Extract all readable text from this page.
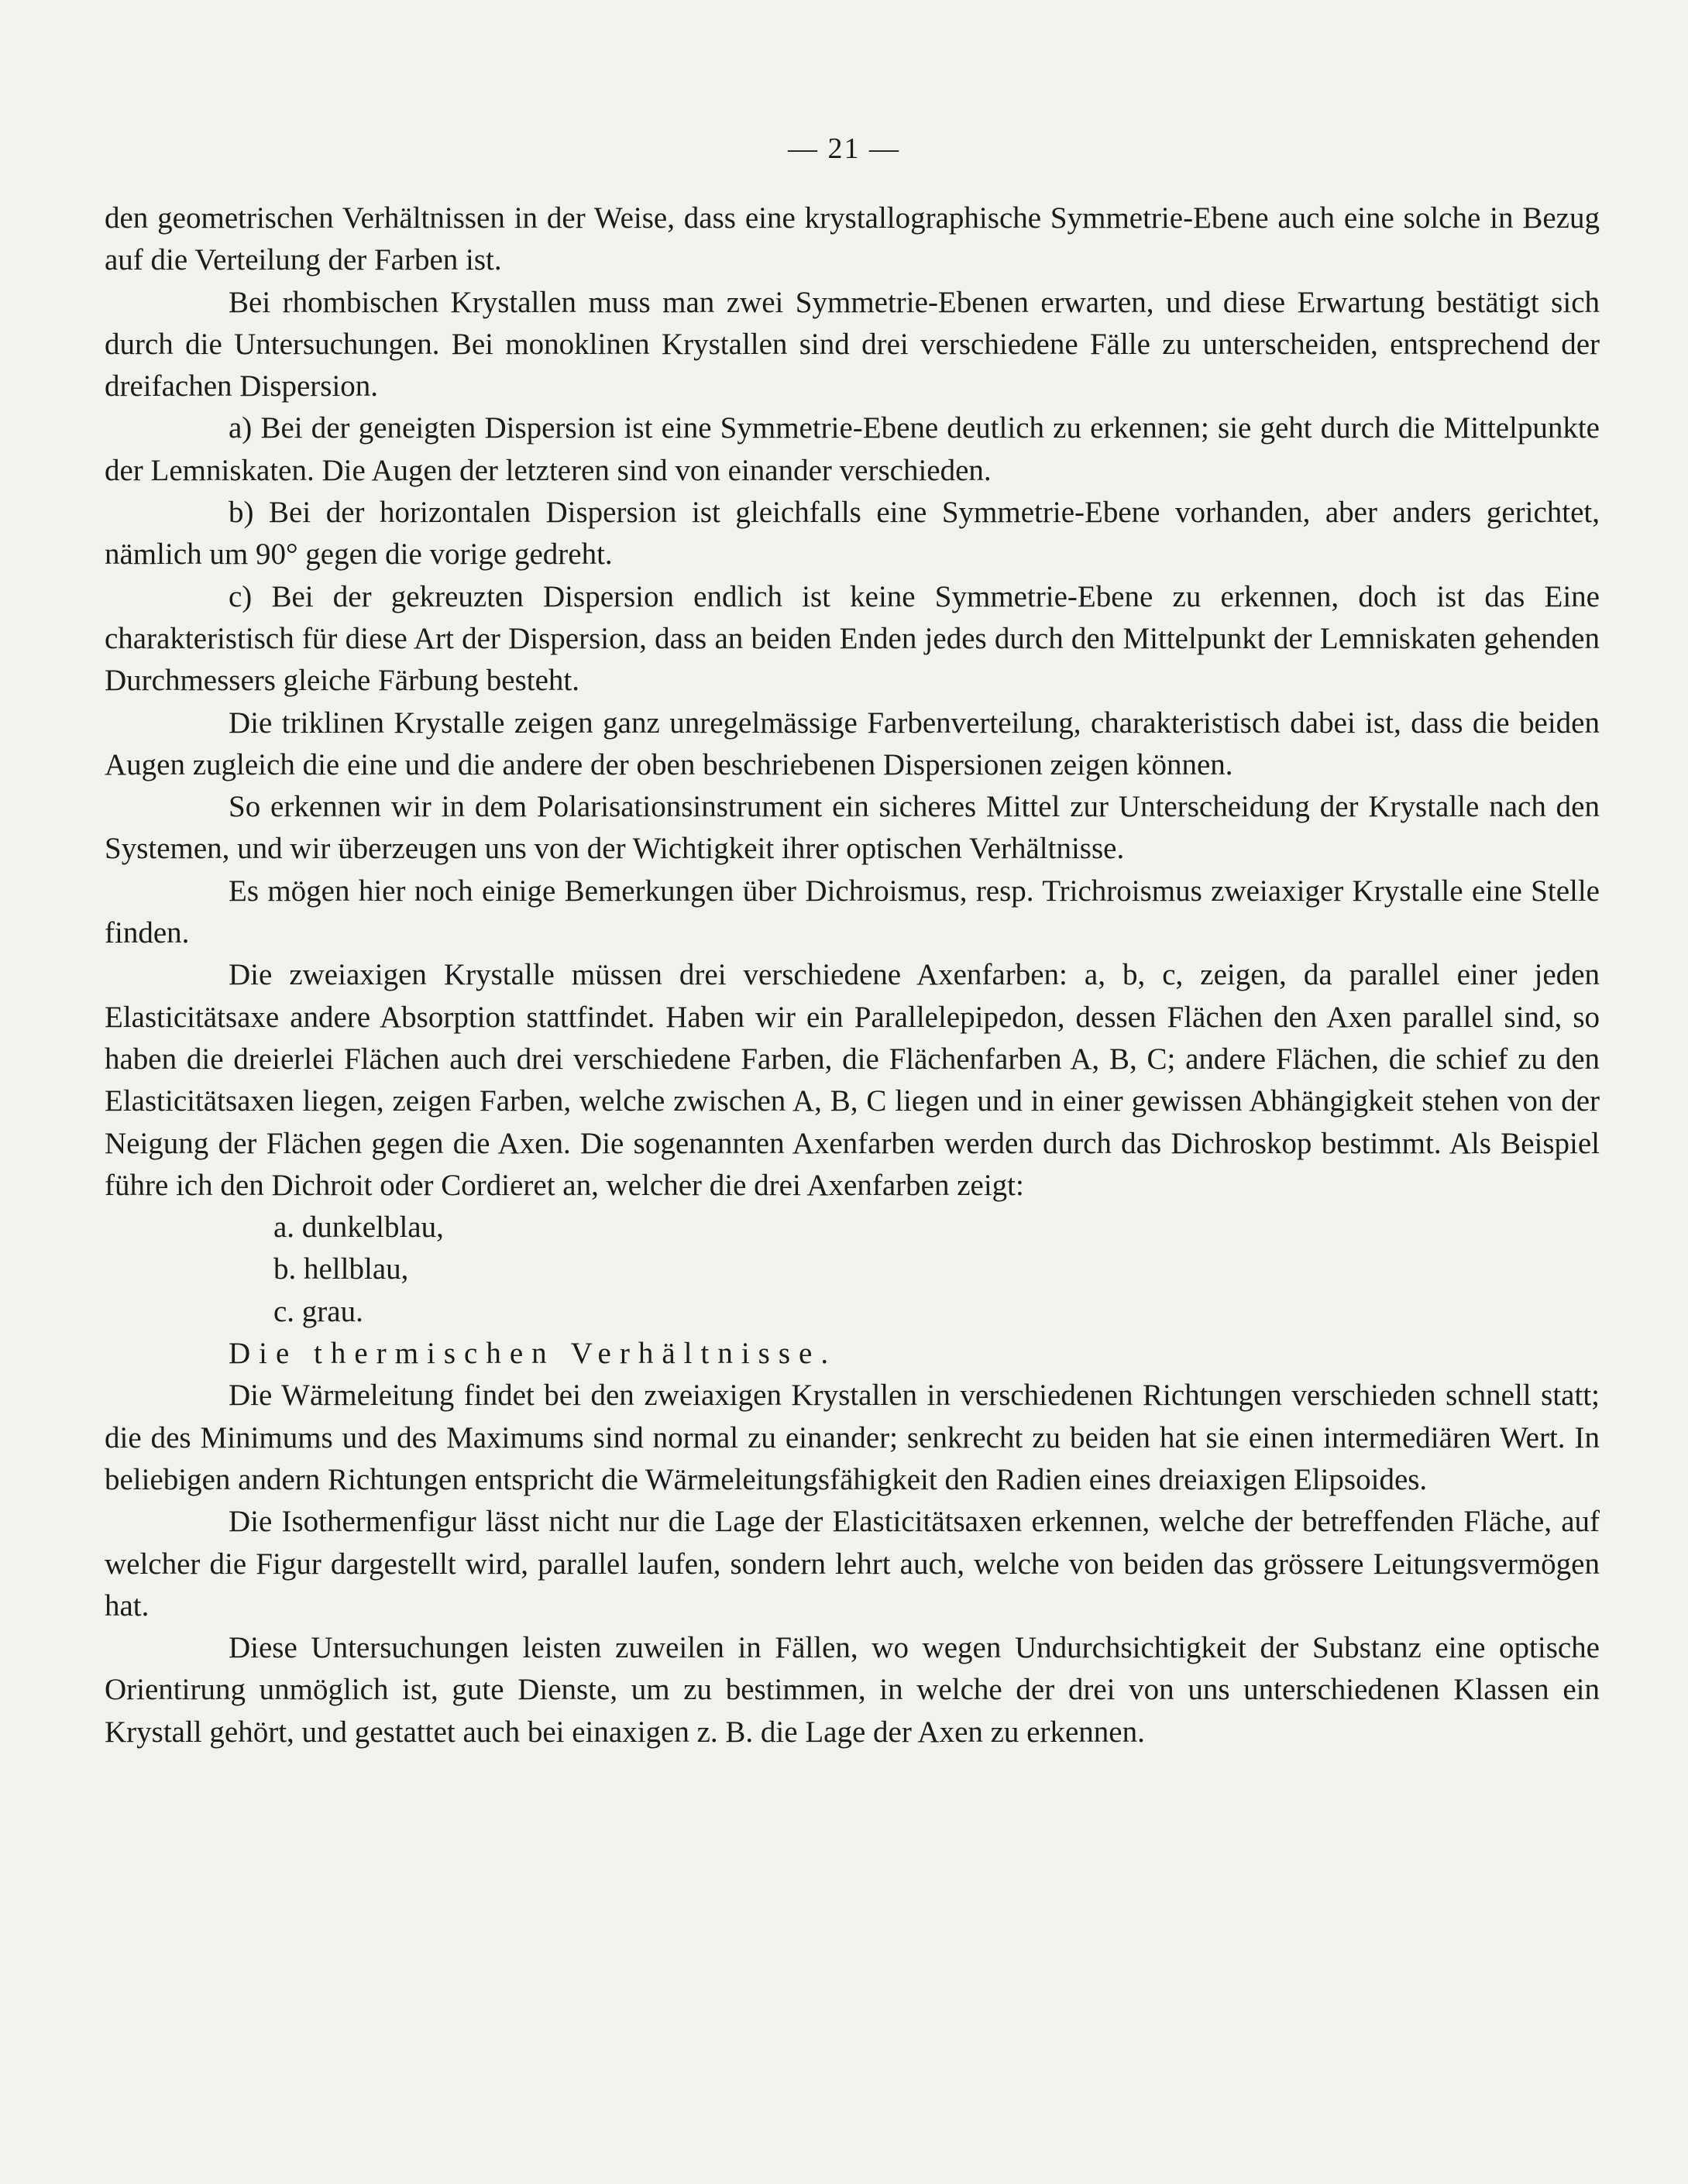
— 21 —

den geometrischen Verhältnissen in der Weise, dass eine krystallographische Symmetrie-Ebene auch eine solche in Bezug auf die Verteilung der Farben ist.

Bei rhombischen Krystallen muss man zwei Symmetrie-Ebenen erwarten, und diese Erwartung bestätigt sich durch die Untersuchungen. Bei monoklinen Krystallen sind drei verschiedene Fälle zu unterscheiden, entsprechend der dreifachen Dispersion.

a) Bei der geneigten Dispersion ist eine Symmetrie-Ebene deutlich zu erkennen; sie geht durch die Mittelpunkte der Lemniskaten. Die Augen der letzteren sind von einander verschieden.

b) Bei der horizontalen Dispersion ist gleichfalls eine Symmetrie-Ebene vorhanden, aber anders gerichtet, nämlich um 90° gegen die vorige gedreht.

c) Bei der gekreuzten Dispersion endlich ist keine Symmetrie-Ebene zu erkennen, doch ist das Eine charakteristisch für diese Art der Dispersion, dass an beiden Enden jedes durch den Mittelpunkt der Lemniskaten gehenden Durchmessers gleiche Färbung besteht.

Die triklinen Krystalle zeigen ganz unregelmässige Farbenverteilung, charakteristisch dabei ist, dass die beiden Augen zugleich die eine und die andere der oben beschriebenen Dispersionen zeigen können.

So erkennen wir in dem Polarisationsinstrument ein sicheres Mittel zur Unterscheidung der Krystalle nach den Systemen, und wir überzeugen uns von der Wichtigkeit ihrer optischen Verhältnisse.

Es mögen hier noch einige Bemerkungen über Dichroismus, resp. Trichroismus zweiaxiger Krystalle eine Stelle finden.

Die zweiaxigen Krystalle müssen drei verschiedene Axenfarben: a, b, c, zeigen, da parallel einer jeden Elasticitätsaxe andere Absorption stattfindet. Haben wir ein Parallelepipedon, dessen Flächen den Axen parallel sind, so haben die dreierlei Flächen auch drei verschiedene Farben, die Flächenfarben A, B, C; andere Flächen, die schief zu den Elasticitätsaxen liegen, zeigen Farben, welche zwischen A, B, C liegen und in einer gewissen Abhängigkeit stehen von der Neigung der Flächen gegen die Axen. Die sogenannten Axenfarben werden durch das Dichroskop bestimmt. Als Beispiel führe ich den Dichroit oder Cordieret an, welcher die drei Axenfarben zeigt:

a. dunkelblau,

b. hellblau,

c. grau.

Die thermischen Verhältnisse.

Die Wärmeleitung findet bei den zweiaxigen Krystallen in verschiedenen Richtungen verschieden schnell statt; die des Minimums und des Maximums sind normal zu einander; senkrecht zu beiden hat sie einen intermediären Wert. In beliebigen andern Richtungen entspricht die Wärmeleitungsfähigkeit den Radien eines dreiaxigen Elipsoides.

Die Isothermenfigur lässt nicht nur die Lage der Elasticitätsaxen erkennen, welche der betreffenden Fläche, auf welcher die Figur dargestellt wird, parallel laufen, sondern lehrt auch, welche von beiden das grössere Leitungsvermögen hat.

Diese Untersuchungen leisten zuweilen in Fällen, wo wegen Undurchsichtigkeit der Substanz eine optische Orientirung unmöglich ist, gute Dienste, um zu bestimmen, in welche der drei von uns unterschiedenen Klassen ein Krystall gehört, und gestattet auch bei einaxigen z. B. die Lage der Axen zu erkennen.
